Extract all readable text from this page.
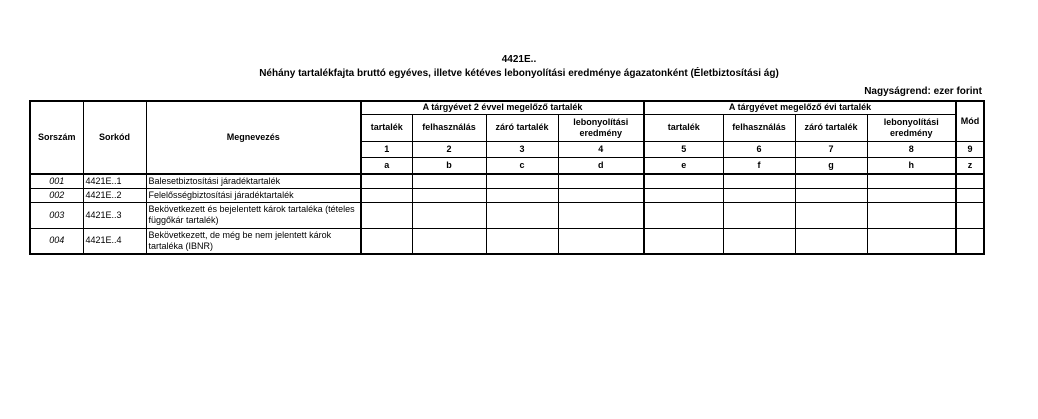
4421E..
Néhány tartalékfajta bruttó egyéves, illetve kétéves lebonyolítási eredménye ágazatonként (Életbiztosítási ág)
Nagyságrend: ezer forint
Sorszám	Sorkód	Megnevezés	A tárgyévet 2 évvel megelőző tartalék				A tárgyévet megelőző évi tartalék				Mód
			tartalék	felhasználás	záró tartalék	lebonyolítási eredmény	tartalék	felhasználás	záró tartalék	lebonyolítási eredmény	
			1	2	3	4	5	6	7	8	9
			a	b	c	d	e	f	g	h	z
001	4421E..1	Balesetbiztosítási járadéktartalék									
002	4421E..2	Felelősségbiztosítási járadéktartalék									
003	4421E..3	Bekövetkezett és bejelentett károk tartaléka (tételes függőkár tartalék)									
004	4421E..4	Bekövetkezett, de még be nem jelentett károk tartaléka (IBNR)									
